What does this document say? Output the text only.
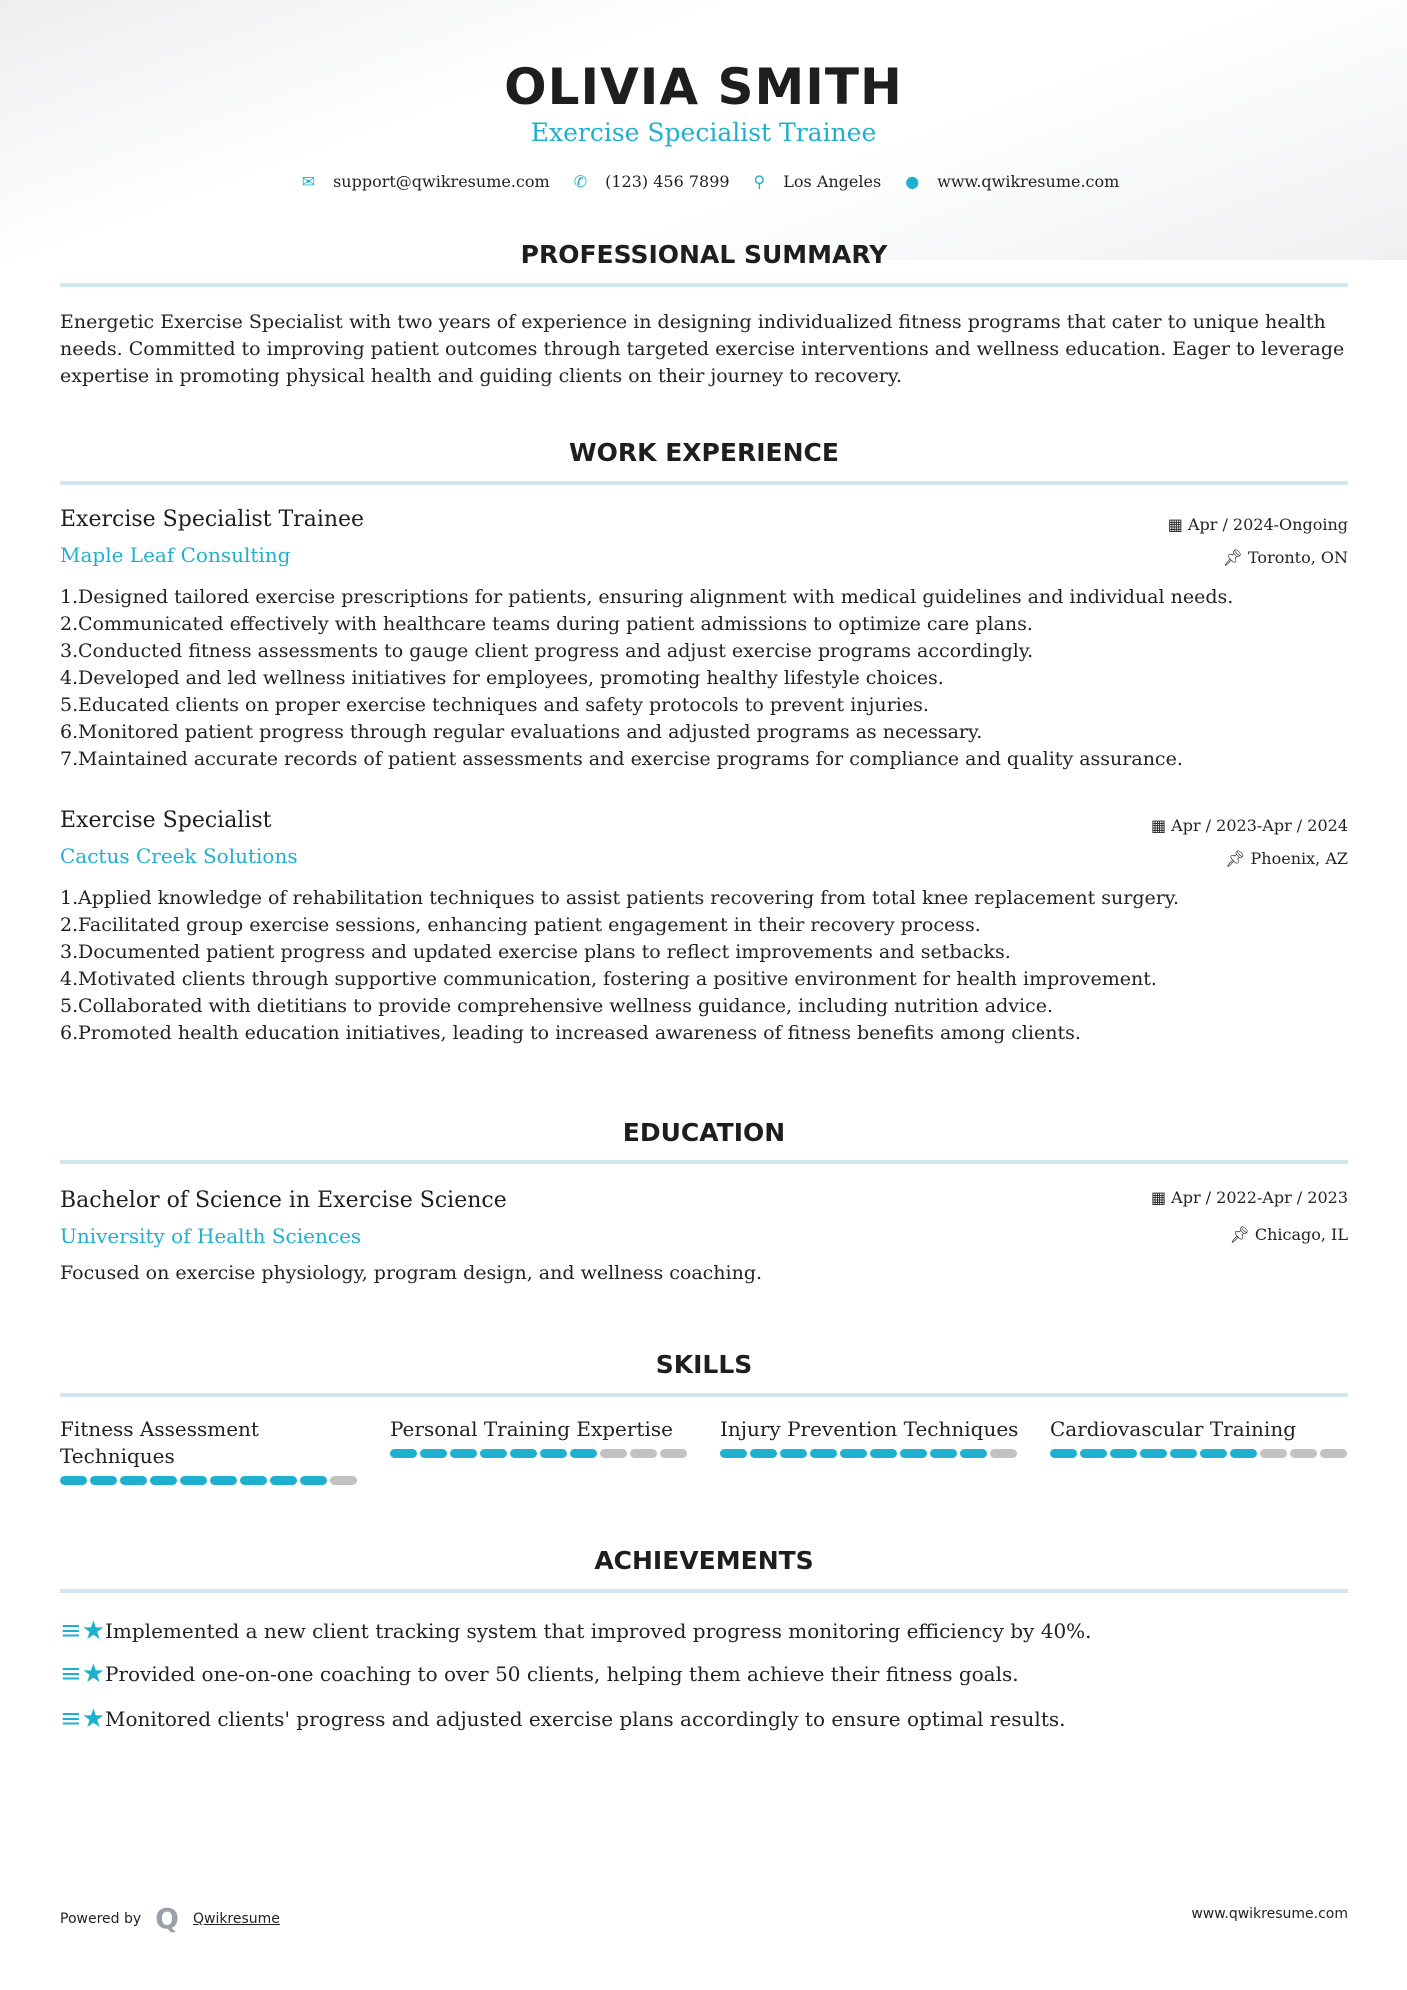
OLIVIA SMITH
Exercise Specialist Trainee
✉ support@qwikresume.com ✆ (123) 456 7899 ⚲ Los Angeles ● www.qwikresume.com
PROFESSIONAL SUMMARY
Energetic Exercise Specialist with two years of experience in designing individualized fitness programs that cater to unique health needs. Committed to improving patient outcomes through targeted exercise interventions and wellness education. Eager to leverage expertise in promoting physical health and guiding clients on their journey to recovery.
WORK EXPERIENCE
Exercise Specialist Trainee
Maple Leaf Consulting
▦ Apr / 2024-Ongoing
📌︎ Toronto, ON
1.Designed tailored exercise prescriptions for patients, ensuring alignment with medical guidelines and individual needs.
2.Communicated effectively with healthcare teams during patient admissions to optimize care plans.
3.Conducted fitness assessments to gauge client progress and adjust exercise programs accordingly.
4.Developed and led wellness initiatives for employees, promoting healthy lifestyle choices.
5.Educated clients on proper exercise techniques and safety protocols to prevent injuries.
6.Monitored patient progress through regular evaluations and adjusted programs as necessary.
7.Maintained accurate records of patient assessments and exercise programs for compliance and quality assurance.
Exercise Specialist
Cactus Creek Solutions
▦ Apr / 2023-Apr / 2024
📌︎ Phoenix, AZ
1.Applied knowledge of rehabilitation techniques to assist patients recovering from total knee replacement surgery.
2.Facilitated group exercise sessions, enhancing patient engagement in their recovery process.
3.Documented patient progress and updated exercise plans to reflect improvements and setbacks.
4.Motivated clients through supportive communication, fostering a positive environment for health improvement.
5.Collaborated with dietitians to provide comprehensive wellness guidance, including nutrition advice.
6.Promoted health education initiatives, leading to increased awareness of fitness benefits among clients.
EDUCATION
Bachelor of Science in Exercise Science
University of Health Sciences
▦ Apr / 2022-Apr / 2023
📌︎ Chicago, IL
Focused on exercise physiology, program design, and wellness coaching.
SKILLS
Fitness Assessment Techniques
Personal Training Expertise	Injury Prevention Techniques Cardiovascular Training
ACHIEVEMENTS
≡★ Implemented a new client tracking system that improved progress monitoring efficiency by 40%.
≡★ Provided one-on-one coaching to over 50 clients, helping them achieve their fitness goals.
≡★ Monitored clients' progress and adjusted exercise plans accordingly to ensure optimal results.
Powered by Q Qwikresume	www.qwikresume.com
